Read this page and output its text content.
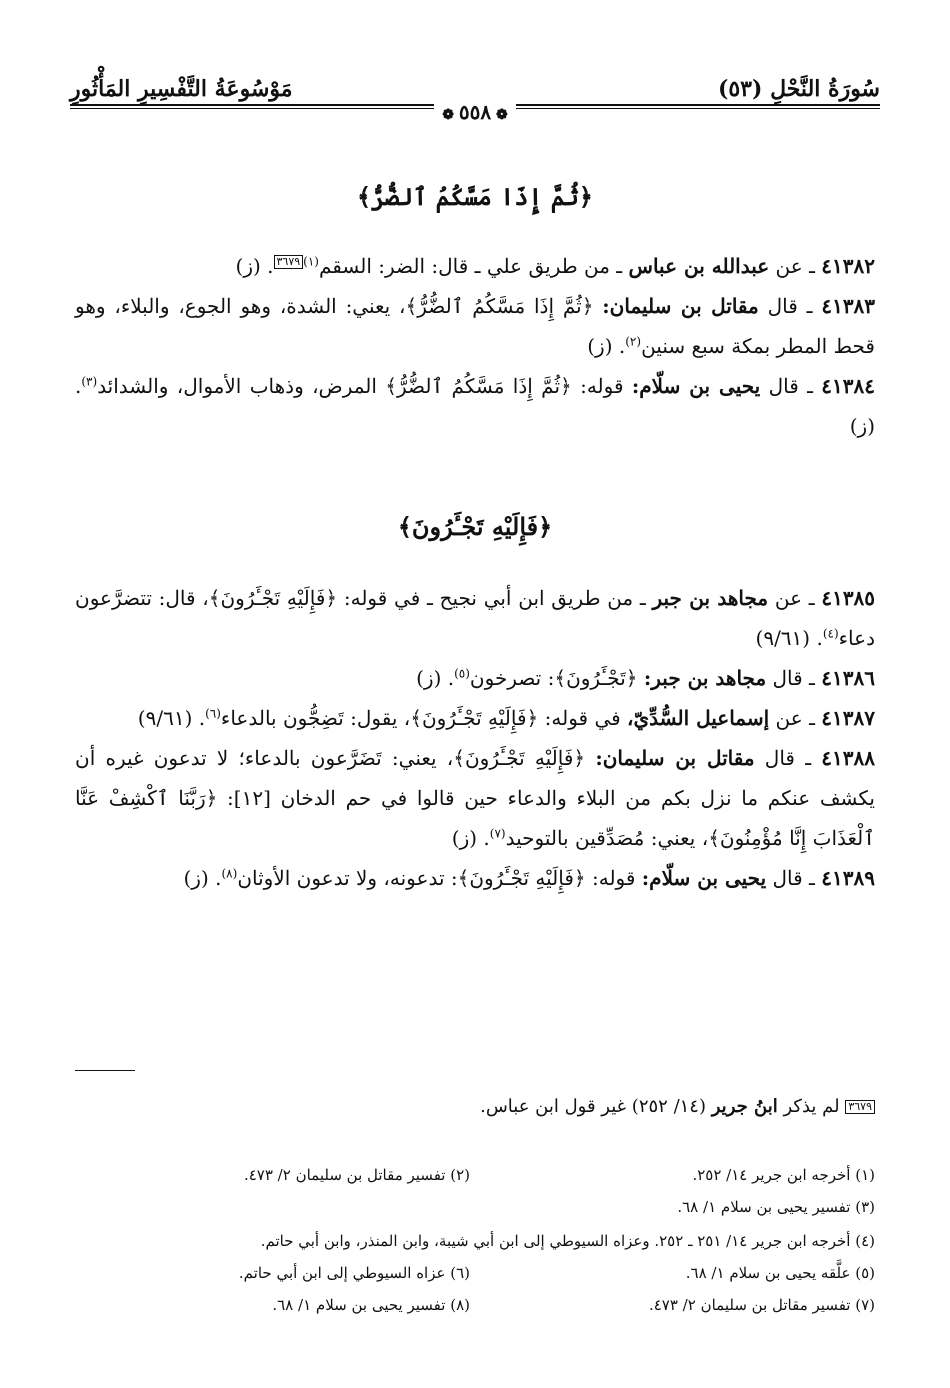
سُورَةُ النَّحْلِ (٥٣)
مَوْسُوعَةُ التَّفْسِيرِ المَأْثُورِ
❁ ٥٥٨ ❁
﴿ثُمَّ إِذَا مَسَّكُمُ ٱلضُّرُّ﴾

٤١٣٨٢ ـ عن عبدالله بن عباس ـ من طريق علي ـ قال: الضر: السقم$^{(١)}$٣٦٧٩. (ز)

٤١٣٨٣ ـ قال مقاتل بن سليمان: ﴿ثُمَّ إِذَا مَسَّكُمُ ٱلضُّرُّ﴾، يعني: الشدة، وهو الجوع، والبلاء، وهو قحط المطر بمكة سبع سنين$^{(٢)}$. (ز)

٤١٣٨٤ ـ قال يحيى بن سلّام: قوله: ﴿ثُمَّ إِذَا مَسَّكُمُ ٱلضُّرُّ﴾ المرض، وذهاب الأموال، والشدائد$^{(٣)}$. (ز)

﴿فَإِلَيْهِ تَجْـَٔرُونَ﴾

٤١٣٨٥ ـ عن مجاهد بن جبر ـ من طريق ابن أبي نجيح ـ في قوله: ﴿فَإِلَيْهِ تَجْـَٔرُونَ﴾، قال: تتضرَّعون دعاء$^{(٤)}$. (٩/٦١)

٤١٣٨٦ ـ قال مجاهد بن جبر: ﴿تَجْـَٔرُونَ﴾: تصرخون$^{(٥)}$. (ز)

٤١٣٨٧ ـ عن إسماعيل السُّدِّيّ، في قوله: ﴿فَإِلَيْهِ تَجْـَٔرُونَ﴾، يقول: تَضِجُّون بالدعاء$^{(٦)}$. (٩/٦١)

٤١٣٨٨ ـ قال مقاتل بن سليمان: ﴿فَإِلَيْهِ تَجْـَٔرُونَ﴾، يعني: تَضَرَّعون بالدعاء؛ لا تدعون غيره أن يكشف عنكم ما نزل بكم من البلاء والدعاء حين قالوا في حم الدخان [١٢]: ﴿رَبَّنَا ٱكْشِفْ عَنَّا ٱلْعَذَابَ إِنَّا مُؤْمِنُونَ﴾، يعني: مُصَدِّقين بالتوحيد$^{(٧)}$. (ز)

٤١٣٨٩ ـ قال يحيى بن سلّام: قوله: ﴿فَإِلَيْهِ تَجْـَٔرُونَ﴾: تدعونه، ولا تدعون الأوثان$^{(٨)}$. (ز)

٣٦٧٩ لم يذكر ابنُ جرير (١٤/ ٢٥٢) غير قول ابن عباس.
(١) أخرجه ابن جرير ١٤/ ٢٥٢.
(٢) تفسير مقاتل بن سليمان ٢/ ٤٧٣.
(٣) تفسير يحيى بن سلام ١/ ٦٨.
(٤) أخرجه ابن جرير ١٤/ ٢٥١ ـ ٢٥٢. وعزاه السيوطي إلى ابن أبي شيبة، وابن المنذر، وابن أبي حاتم.
(٥) علَّقه يحيى بن سلام ١/ ٦٨.
(٦) عزاه السيوطي إلى ابن أبي حاتم.
(٧) تفسير مقاتل بن سليمان ٢/ ٤٧٣.
(٨) تفسير يحيى بن سلام ١/ ٦٨.
